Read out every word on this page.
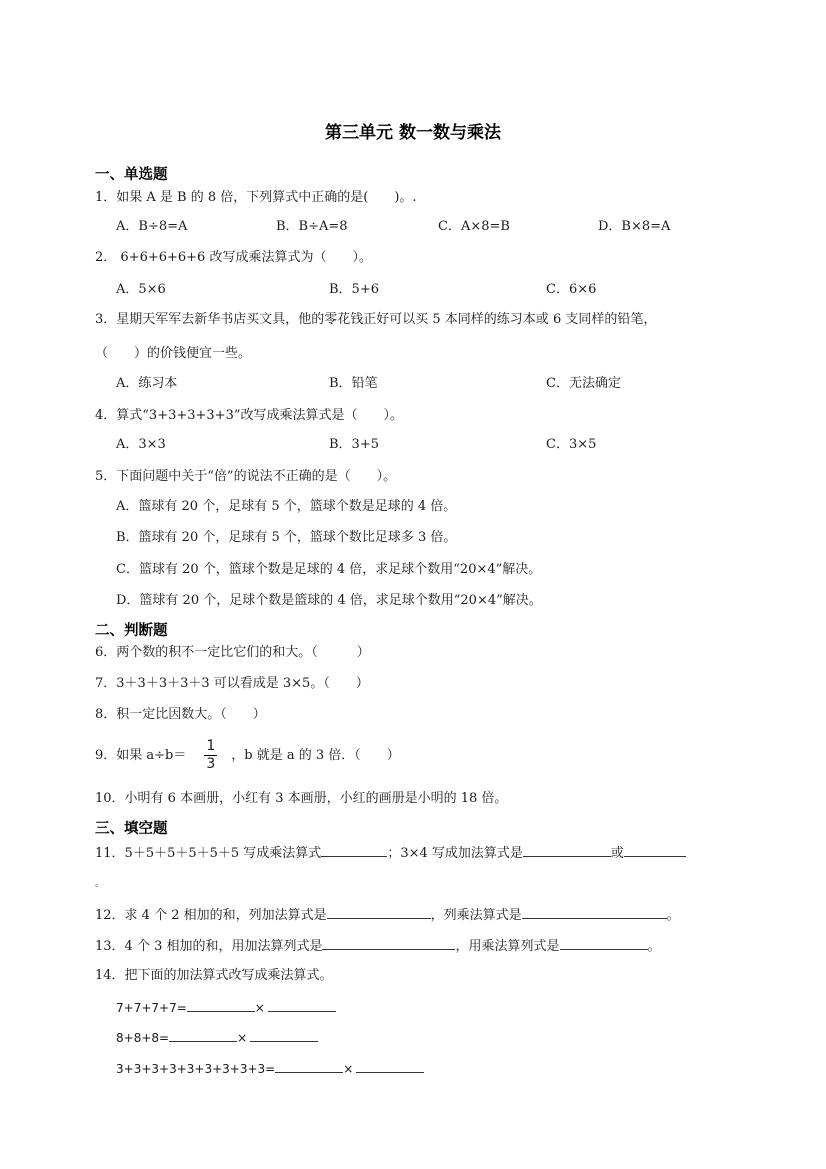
第三单元 数一数与乘法
一、单选题
1．如果 A 是 B 的 8 倍，下列算式中正确的是(　　)。.
A．B÷8=A	B．B÷A=8	C．A×8=B	D．B×8=A
2． 6+6+6+6+6 改写成乘法算式为（　　）。
A．5×6	B．5+6	C．6×6
3．星期天军军去新华书店买文具，他的零花钱正好可以买 5 本同样的练习本或 6 支同样的铅笔，
（　　）的价钱便宜一些。
A．练习本	B．铅笔	C．无法确定
4．算式“3+3+3+3+3”改写成乘法算式是（　　）。
A．3×3	B．3+5	C．3×5
5．下面问题中关于“倍”的说法不正确的是（　　）。
A．篮球有 20 个，足球有 5 个，篮球个数是足球的 4 倍。
B．篮球有 20 个，足球有 5 个，篮球个数比足球多 3 倍。
C．篮球有 20 个，篮球个数是足球的 4 倍，求足球个数用“20×4”解决。
D．篮球有 20 个，足球个数是篮球的 4 倍，求足球个数用“20×4”解决。
二、判断题
6．两个数的积不一定比它们的和大。（　　　）
7．3＋3＋3＋3＋3 可以看成是 3×5。（　　）
8．积一定比因数大。（　　）
9．如果 $a\div b= \frac{1}{3}$ ，b 就是 a 的 3 倍．（　　）
10．小明有 6 本画册，小红有 3 本画册，小红的画册是小明的 18 倍。
三、填空题
11．5＋5＋5＋5＋5＋5 写成乘法算式	；3×4 写成加法算式是	或
。
12．求 4 个 2 相加的和，列加法算式是	，列乘法算式是	。
13．4 个 3 相加的和，用加法算列式是	，用乘法算列式是	。
14．把下面的加法算式改写成乘法算式。
7+7+7+7=	×
8+8+8=	×
3+3+3+3+3+3+3+3+3=	×
